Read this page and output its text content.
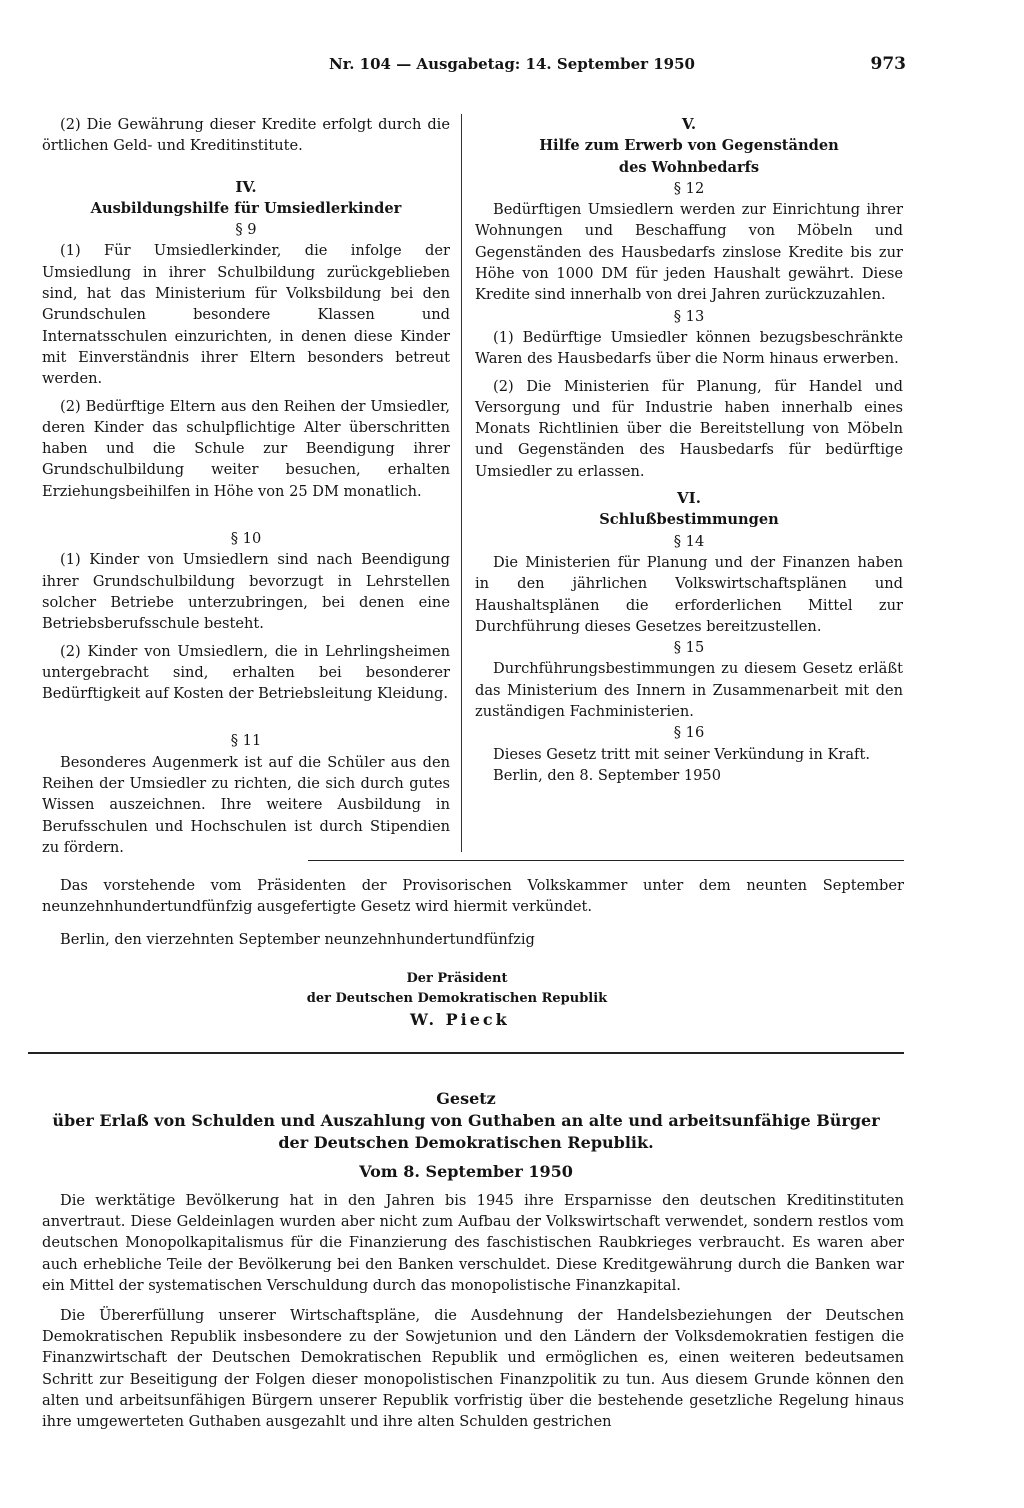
Nr. 104 — Ausgabetag: 14. September 1950	973

(2) Die Gewährung dieser Kredite erfolgt durch die örtlichen Geld- und Kreditinstitute.

IV.
Ausbildungshilfe für Umsiedlerkinder
§ 9

(1) Für Umsiedlerkinder, die infolge der Umsiedlung in ihrer Schulbildung zurückgeblieben sind, hat das Ministerium für Volksbildung bei den Grundschulen besondere Klassen und Internatsschulen einzurichten, in denen diese Kinder mit Einverständnis ihrer Eltern besonders betreut werden.

(2) Bedürftige Eltern aus den Reihen der Umsiedler, deren Kinder das schulpflichtige Alter überschritten haben und die Schule zur Beendigung ihrer Grundschulbildung weiter besuchen, erhalten Erziehungsbeihilfen in Höhe von 25 DM monatlich.

§ 10

(1) Kinder von Umsiedlern sind nach Beendigung ihrer Grundschulbildung bevorzugt in Lehrstellen solcher Betriebe unterzubringen, bei denen eine Betriebsberufsschule besteht.

(2) Kinder von Umsiedlern, die in Lehrlingsheimen untergebracht sind, erhalten bei besonderer Bedürftigkeit auf Kosten der Betriebsleitung Kleidung.

§ 11

Besonderes Augenmerk ist auf die Schüler aus den Reihen der Umsiedler zu richten, die sich durch gutes Wissen auszeichnen. Ihre weitere Ausbildung in Berufsschulen und Hochschulen ist durch Stipendien zu fördern.

V.
Hilfe zum Erwerb von Gegenständen
des Wohnbedarfs
§ 12

Bedürftigen Umsiedlern werden zur Einrichtung ihrer Wohnungen und Beschaffung von Möbeln und Gegenständen des Hausbedarfs zinslose Kredite bis zur Höhe von 1000 DM für jeden Haushalt gewährt. Diese Kredite sind innerhalb von drei Jahren zurückzuzahlen.

§ 13

(1) Bedürftige Umsiedler können bezugsbeschränkte Waren des Hausbedarfs über die Norm hinaus erwerben.

(2) Die Ministerien für Planung, für Handel und Versorgung und für Industrie haben innerhalb eines Monats Richtlinien über die Bereitstellung von Möbeln und Gegenständen des Hausbedarfs für bedürftige Umsiedler zu erlassen.

VI.
Schlußbestimmungen
§ 14

Die Ministerien für Planung und der Finanzen haben in den jährlichen Volkswirtschaftsplänen und Haushaltsplänen die erforderlichen Mittel zur Durchführung dieses Gesetzes bereitzustellen.

§ 15

Durchführungsbestimmungen zu diesem Gesetz erläßt das Ministerium des Innern in Zusammenarbeit mit den zuständigen Fachministerien.

§ 16

Dieses Gesetz tritt mit seiner Verkündung in Kraft.

Berlin, den 8. September 1950

Das vorstehende vom Präsidenten der Provisorischen Volkskammer unter dem neunten September neunzehnhundertundfünfzig ausgefertigte Gesetz wird hiermit verkündet.

Berlin, den vierzehnten September neunzehnhundertundfünfzig

Der Präsident
der Deutschen Demokratischen Republik
W. Pieck
Gesetz
über Erlaß von Schulden und Auszahlung von Guthaben an alte und arbeitsunfähige Bürger
der Deutschen Demokratischen Republik.
Vom 8. September 1950

Die werktätige Bevölkerung hat in den Jahren bis 1945 ihre Ersparnisse den deutschen Kreditinstituten anvertraut. Diese Geldeinlagen wurden aber nicht zum Aufbau der Volkswirtschaft verwendet, sondern restlos vom deutschen Monopolkapitalismus für die Finanzierung des faschistischen Raubkrieges verbraucht. Es waren aber auch erhebliche Teile der Bevölkerung bei den Banken verschuldet. Diese Kreditgewährung durch die Banken war ein Mittel der systematischen Verschuldung durch das monopolistische Finanzkapital.

Die Übererfüllung unserer Wirtschaftspläne, die Ausdehnung der Handelsbeziehungen der Deutschen Demokratischen Republik insbesondere zu der Sowjetunion und den Ländern der Volksdemokratien festigen die Finanzwirtschaft der Deutschen Demokratischen Republik und ermöglichen es, einen weiteren bedeutsamen Schritt zur Beseitigung der Folgen dieser monopolistischen Finanzpolitik zu tun. Aus diesem Grunde können den alten und arbeitsunfähigen Bürgern unserer Republik vorfristig über die bestehende gesetzliche Regelung hinaus ihre umgewerteten Guthaben ausgezahlt und ihre alten Schulden gestrichen
